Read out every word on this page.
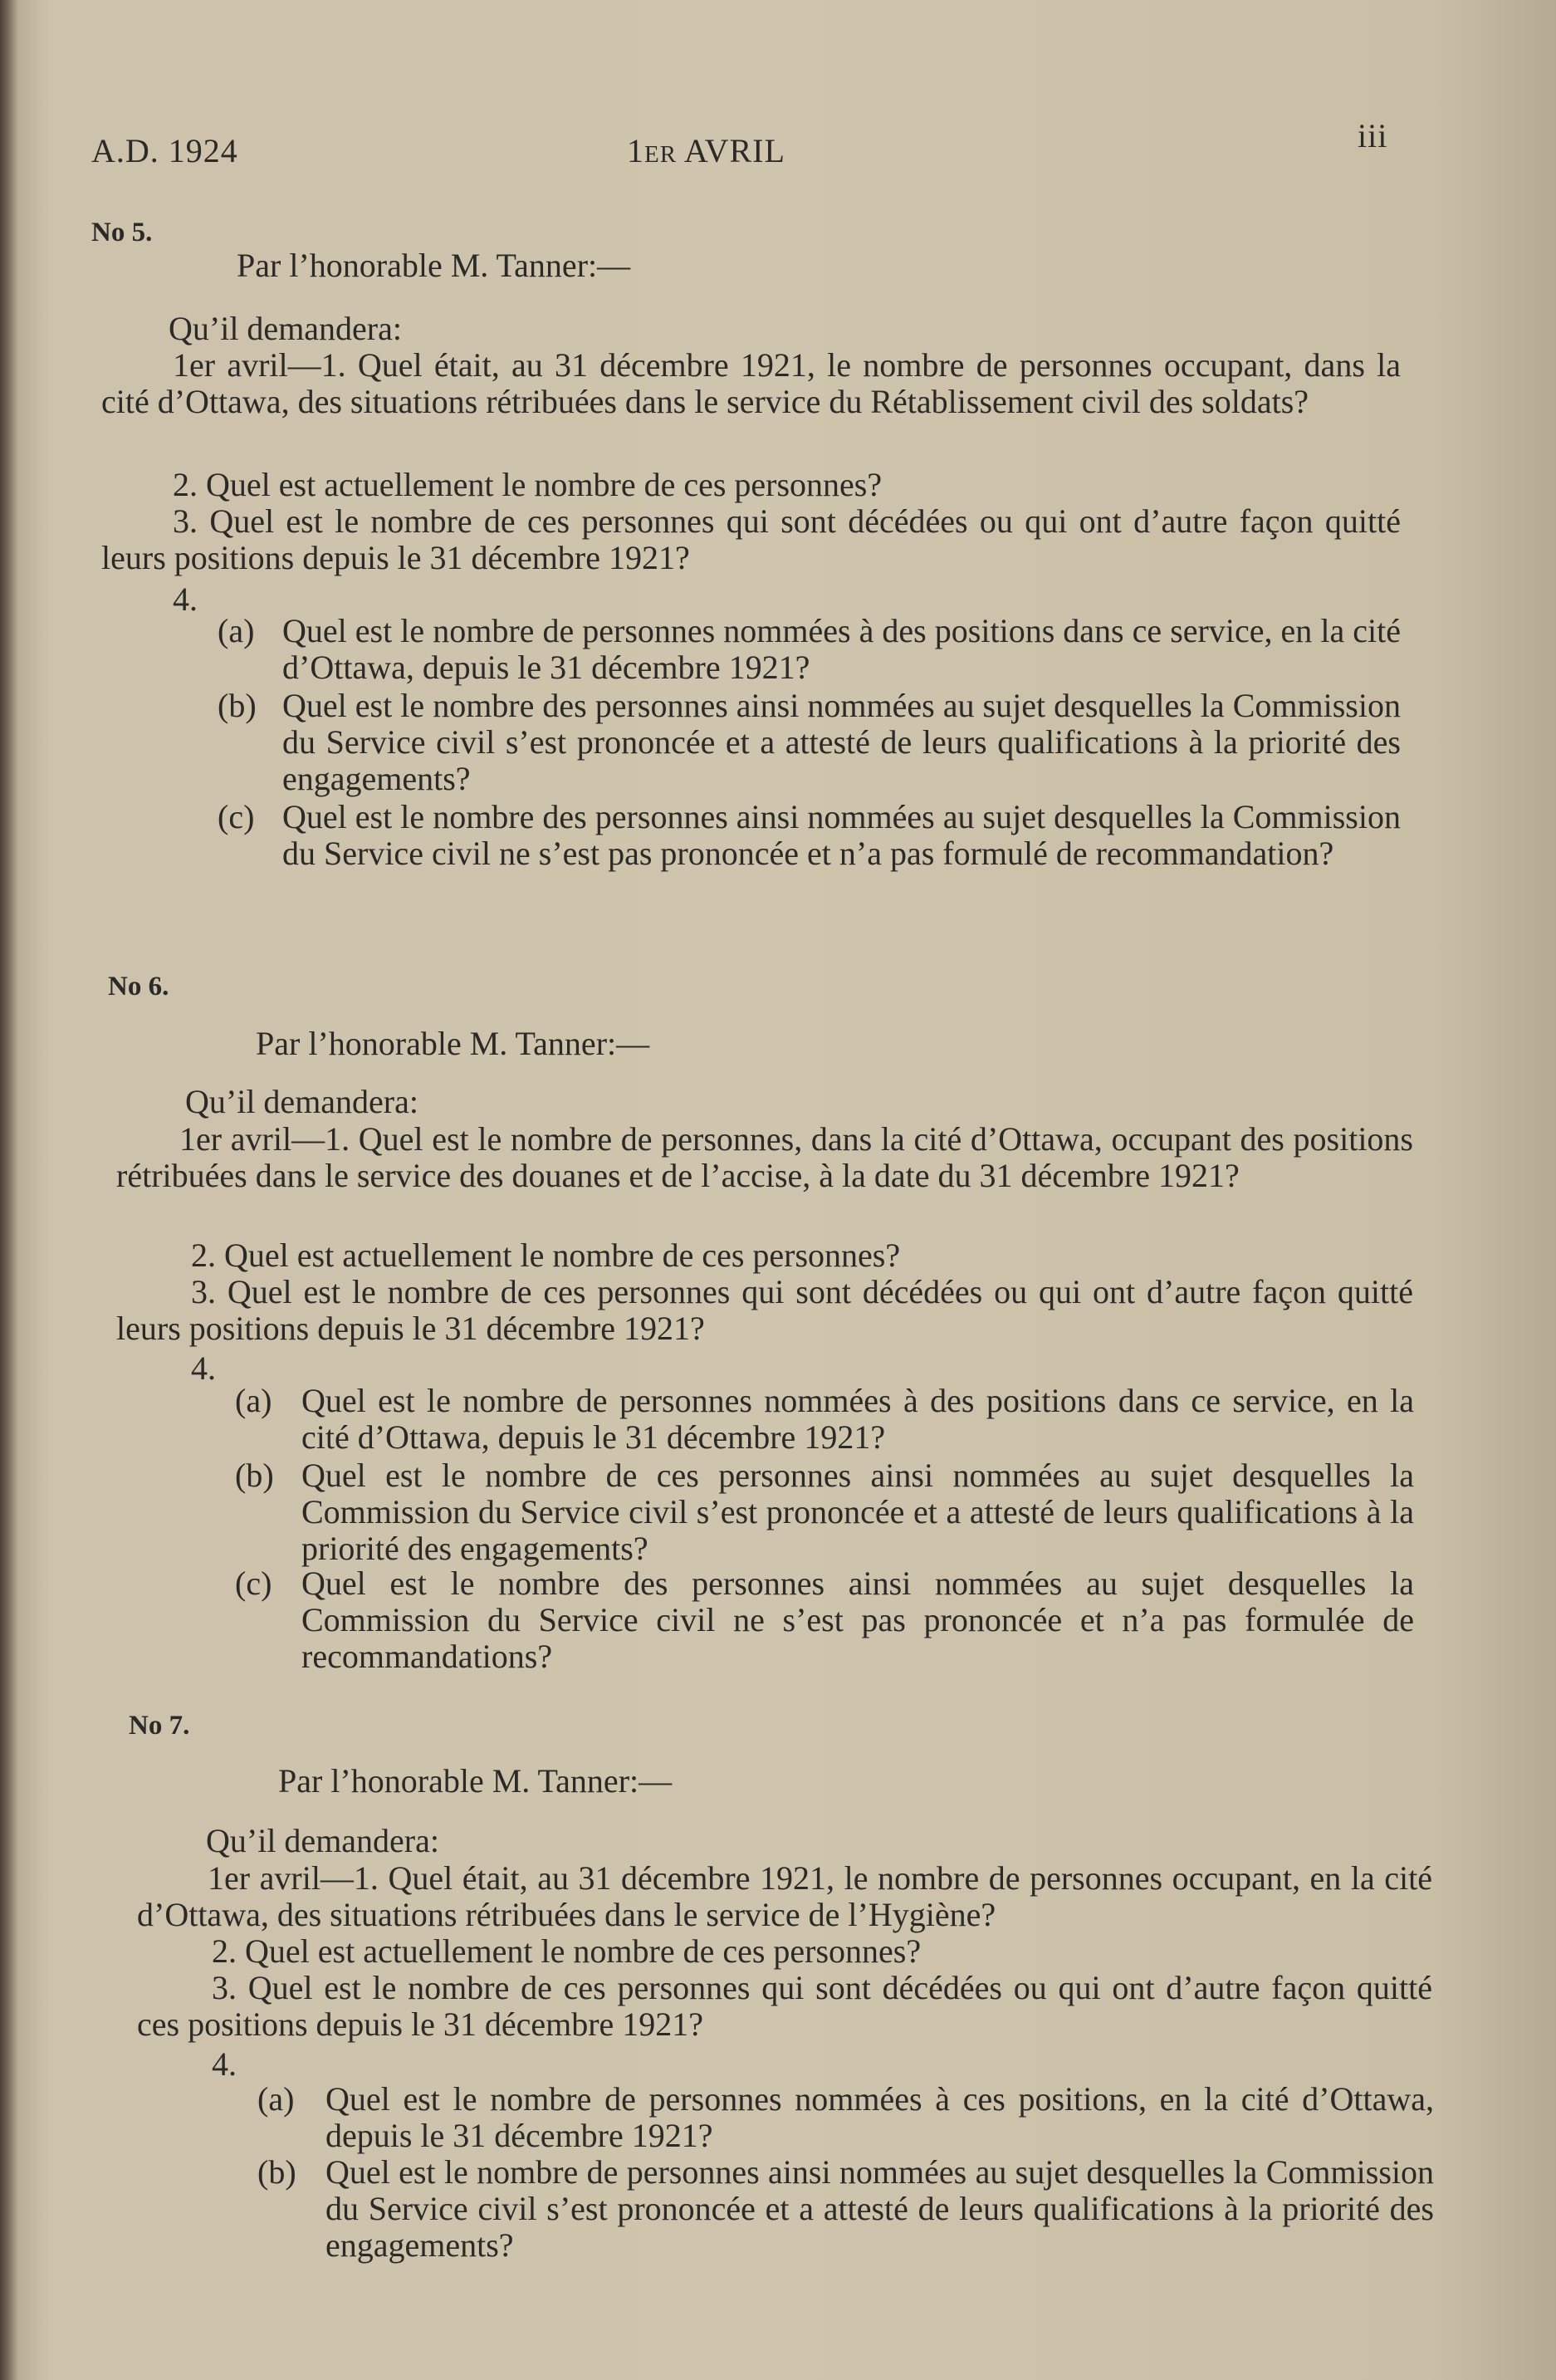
A.D. 1924	1ER AVRIL	iii
No 5.
Par l’honorable M. Tanner:—
Qu’il demandera:
1er avril—1. Quel était, au 31 décembre 1921, le nombre de personnes occupant, dans la cité d’Ottawa, des situations rétribuées dans le service du Rétablissement civil des soldats?
2. Quel est actuellement le nombre de ces personnes?
3. Quel est le nombre de ces personnes qui sont décédées ou qui ont d’autre façon quitté leurs positions depuis le 31 décembre 1921?
4.
(a) Quel est le nombre de personnes nommées à des positions dans ce service, en la cité d’Ottawa, depuis le 31 décembre 1921?
(b) Quel est le nombre des personnes ainsi nommées au sujet desquelles la Commission du Service civil s’est prononcée et a attesté de leurs qualifications à la priorité des engagements?
(c) Quel est le nombre des personnes ainsi nommées au sujet desquelles la Commission du Service civil ne s’est pas prononcée et n’a pas formulé de recommandation?
No 6.
Par l’honorable M. Tanner:—
Qu’il demandera:
1er avril—1. Quel est le nombre de personnes, dans la cité d’Ottawa, occupant des positions rétribuées dans le service des douanes et de l’accise, à la date du 31 décembre 1921?
2. Quel est actuellement le nombre de ces personnes?
3. Quel est le nombre de ces personnes qui sont décédées ou qui ont d’autre façon quitté leurs positions depuis le 31 décembre 1921?
4.
(a) Quel est le nombre de personnes nommées à des positions dans ce service, en la cité d’Ottawa, depuis le 31 décembre 1921?
(b) Quel est le nombre de ces personnes ainsi nommées au sujet desquelles la Commission du Service civil s’est prononcée et a attesté de leurs qualifications à la priorité des engagements?
(c) Quel est le nombre des personnes ainsi nommées au sujet desquelles la Commission du Service civil ne s’est pas prononcée et n’a pas formulée de recommandations?
No 7.
Par l’honorable M. Tanner:—
Qu’il demandera:
1er avril—1. Quel était, au 31 décembre 1921, le nombre de personnes occupant, en la cité d’Ottawa, des situations rétribuées dans le service de l’Hygiène?
2. Quel est actuellement le nombre de ces personnes?
3. Quel est le nombre de ces personnes qui sont décédées ou qui ont d’autre façon quitté ces positions depuis le 31 décembre 1921?
4.
(a) Quel est le nombre de personnes nommées à ces positions, en la cité d’Ottawa, depuis le 31 décembre 1921?
(b) Quel est le nombre de personnes ainsi nommées au sujet desquelles la Commission du Service civil s’est prononcée et a attesté de leurs qualifications à la priorité des engagements?
